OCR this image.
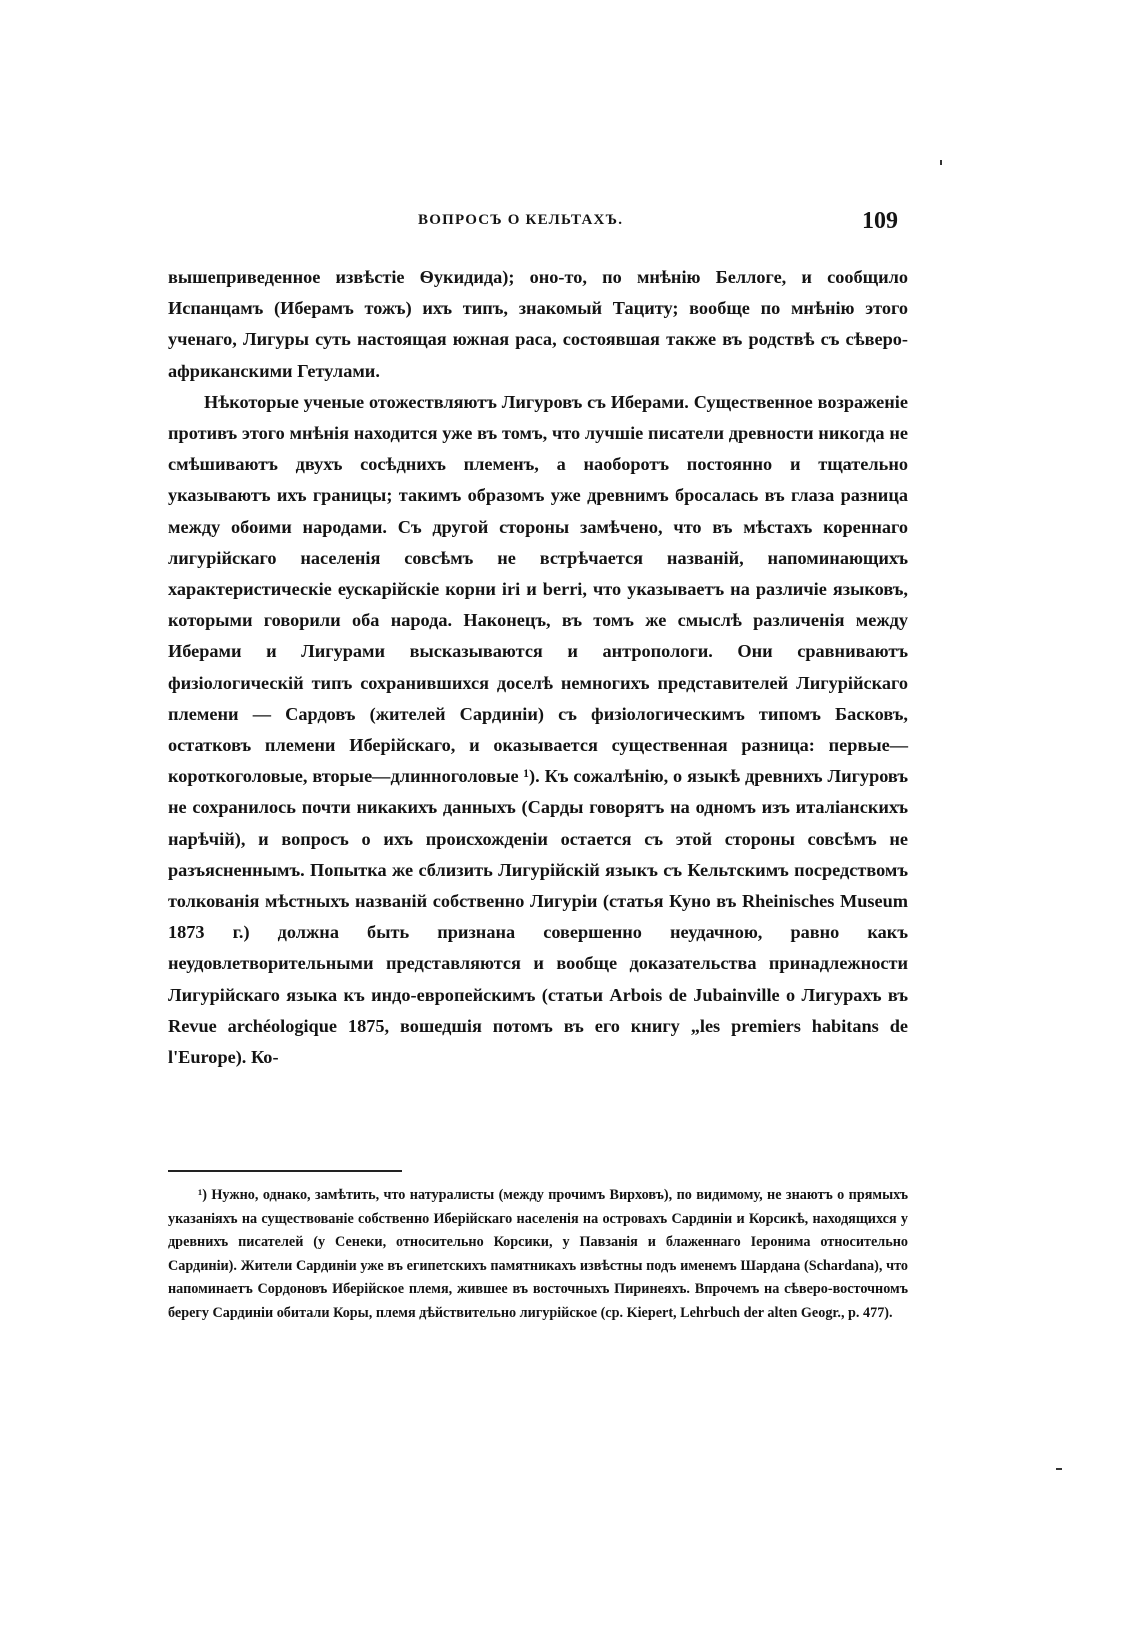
ВОПРОСЪ О КЕЛЬТАХЪ.	109

вышеприведенное извѣстіе Ѳукидида); оно-то, по мнѣнію Беллоге, и сообщило Испанцамъ (Иберамъ тожъ) ихъ типъ, знакомый Тациту; вообще по мнѣнію этого ученаго, Лигуры суть настоящая южная раса, состоявшая также въ родствѣ съ сѣверо-африканскими Гетулами.

Нѣкоторые ученые отожествляютъ Лигуровъ съ Иберами. Существенное возраженіе противъ этого мнѣнія находится уже въ томъ, что лучшіе писатели древности никогда не смѣшиваютъ двухъ сосѣднихъ племенъ, а наоборотъ постоянно и тщательно указываютъ ихъ границы; такимъ образомъ уже древнимъ бросалась въ глаза разница между обоими народами. Съ другой стороны замѣчено, что въ мѣстахъ кореннаго лигурійскаго населенія совсѣмъ не встрѣчается названій, напоминающихъ характеристическіе еускарійскіе корни iri и berri, что указываетъ на различіе языковъ, которыми говорили оба народа. Наконецъ, въ томъ же смыслѣ различенія между Иберами и Лигурами высказываются и антропологи. Они сравниваютъ физіологическій типъ сохранившихся доселѣ немногихъ представителей Лигурійскаго племени — Сардовъ (жителей Сардиніи) съ физіологическимъ типомъ Басковъ, остатковъ племени Иберійскаго, и оказывается существенная разница: первые—короткоголовые, вторые—длинноголовые ¹). Къ сожалѣнію, о языкѣ древнихъ Лигуровъ не сохранилось почти никакихъ данныхъ (Сарды говорятъ на одномъ изъ италіанскихъ нарѣчій), и вопросъ о ихъ происхожденіи остается съ этой стороны совсѣмъ не разъясненнымъ. Попытка же сблизить Лигурійскій языкъ съ Кельтскимъ посредствомъ толкованія мѣстныхъ названій собственно Лигуріи (статья Куно въ Rheinisches Museum 1873 г.) должна быть признана совершенно неудачною, равно какъ неудовлетворительными представляются и вообще доказательства принадлежности Лигурійскаго языка къ индо-европейскимъ (статьи Arbois de Jubainville о Лигурахъ въ Revue archéologique 1875, вошедшія потомъ въ его книгу „les premiers habitans de l'Europe). Ко-

¹) Нужно, однако, замѣтить, что натуралисты (между прочимъ Вирховъ), по видимому, не знаютъ о прямыхъ указаніяхъ на существованіе собственно Иберійскаго населенія на островахъ Сардиніи и Корсикѣ, находящихся у древнихъ писателей (у Сенеки, относительно Корсики, у Павзанія и блаженнаго Іеронима относительно Сардиніи). Жители Сардиніи уже въ египетскихъ памятникахъ извѣстны подъ именемъ Шардана (Schardana), что напоминаетъ Сордоновъ Иберійское племя, жившее въ восточныхъ Пиринеяхъ. Впрочемъ на сѣверо-восточномъ берегу Сардиніи обитали Коры, племя дѣйствительно лигурійское (ср. Kiepert, Lehrbuch der alten Geogr., p. 477).
